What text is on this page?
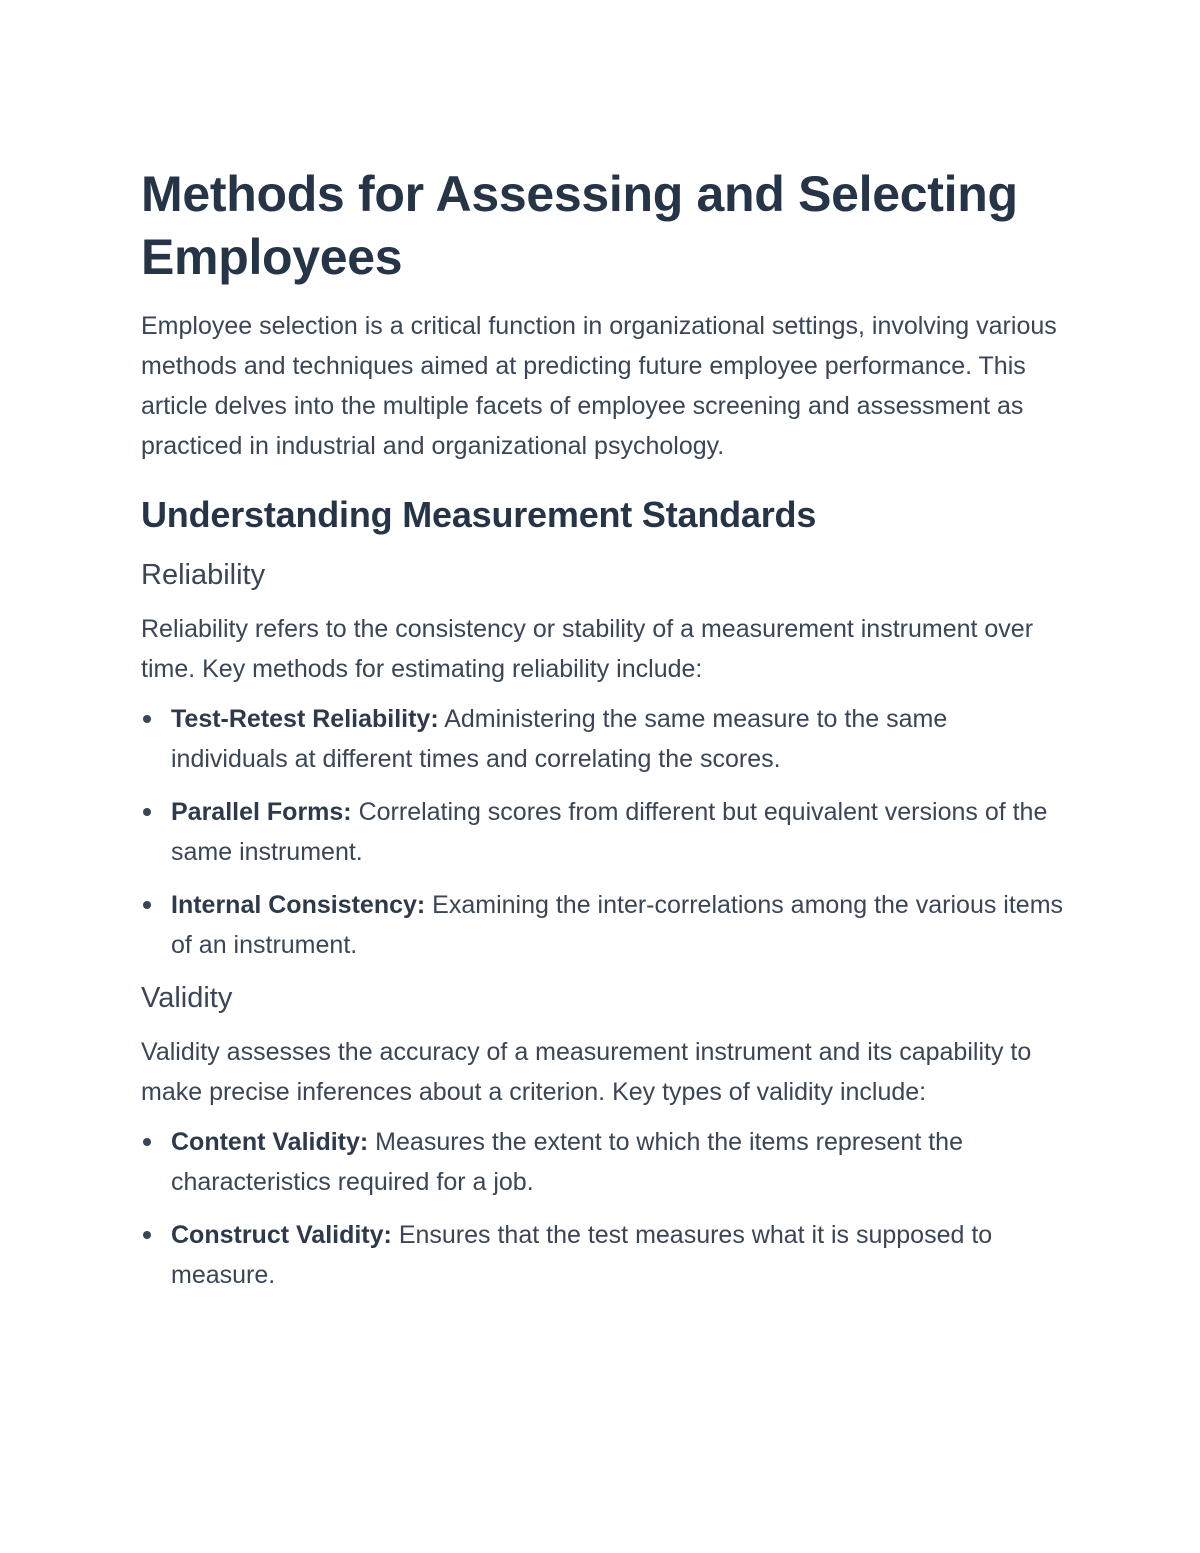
Methods for Assessing and Selecting Employees

Employee selection is a critical function in organizational settings, involving various methods and techniques aimed at predicting future employee performance. This article delves into the multiple facets of employee screening and assessment as practiced in industrial and organizational psychology.

Understanding Measurement Standards
Reliability

Reliability refers to the consistency or stability of a measurement instrument over time. Key methods for estimating reliability include:

Test-Retest Reliability: Administering the same measure to the same individuals at different times and correlating the scores.
Parallel Forms: Correlating scores from different but equivalent versions of the same instrument.
Internal Consistency: Examining the inter-correlations among the various items of an instrument.
Validity

Validity assesses the accuracy of a measurement instrument and its capability to make precise inferences about a criterion. Key types of validity include:

Content Validity: Measures the extent to which the items represent the characteristics required for a job.
Construct Validity: Ensures that the test measures what it is supposed to measure.
